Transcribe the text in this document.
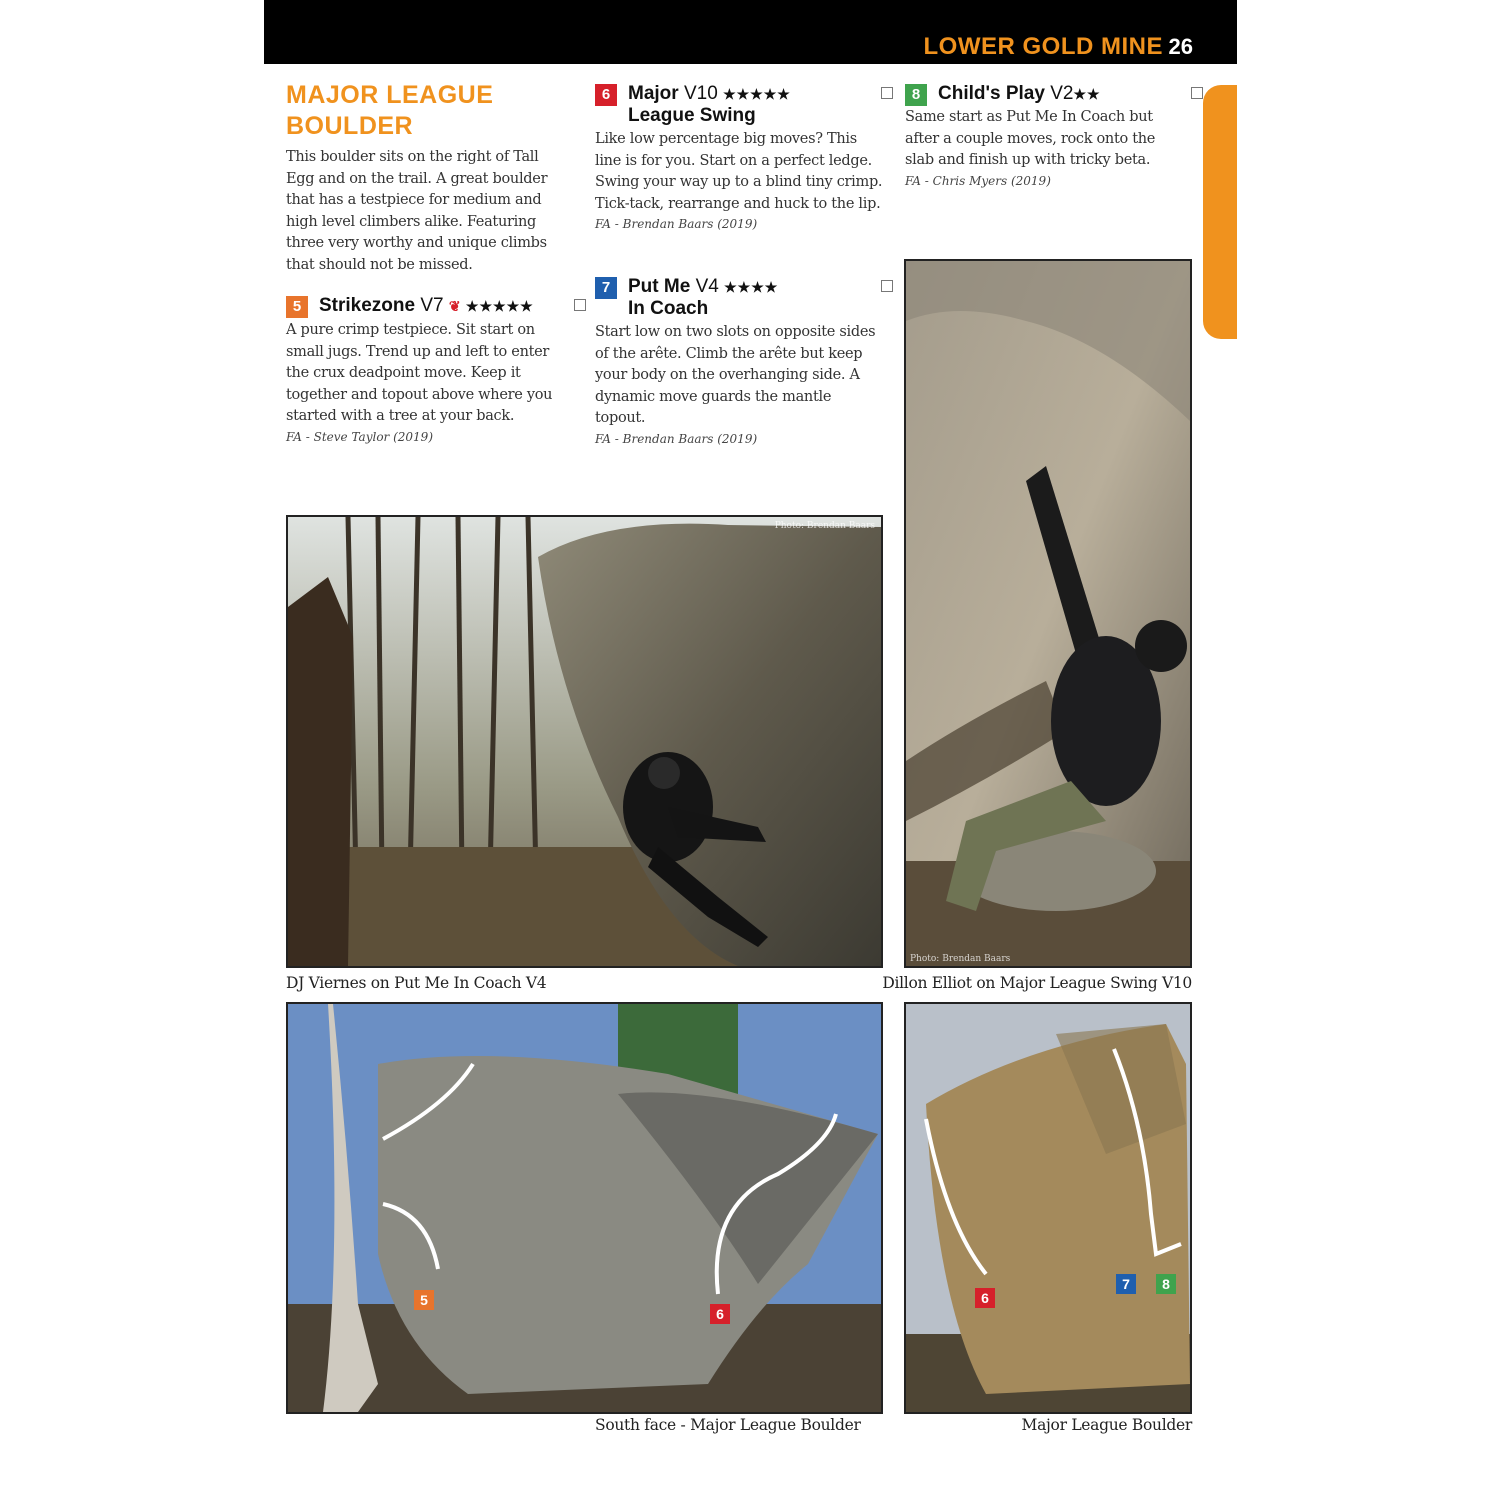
LOWER GOLD MINE 26
MAJOR LEAGUE BOULDER
This boulder sits on the right of Tall Egg and on the trail. A great boulder that has a testpiece for medium and high level climbers alike. Featuring three very worthy and unique climbs that should not be missed.
5 Strikezone V7 ❦ ★★★★★
A pure crimp testpiece. Sit start on small jugs. Trend up and left to enter the crux deadpoint move. Keep it together and topout above where you started with a tree at your back.
FA - Steve Taylor (2019)
6 Major V10 ★★★★★
League Swing
Like low percentage big moves? This line is for you. Start on a perfect ledge. Swing your way up to a blind tiny crimp. Tick-tack, rearrange and huck to the lip.
FA - Brendan Baars (2019)
7 Put Me V4 ★★★★
In Coach
Start low on two slots on opposite sides of the arête. Climb the arête but keep your body on the overhanging side. A dynamic move guards the mantle topout.
FA - Brendan Baars (2019)
8 Child's Play V2★★
Same start as Put Me In Coach but after a couple moves, rock onto the slab and finish up with tricky beta.
FA - Chris Myers (2019)
Photo: Brendan Baars
DJ Viernes on Put Me In Coach V4
Photo: Brendan Baars
Dillon Elliot on Major League Swing V10
5
6
South face - Major League Boulder
6
7	8
Major League Boulder
